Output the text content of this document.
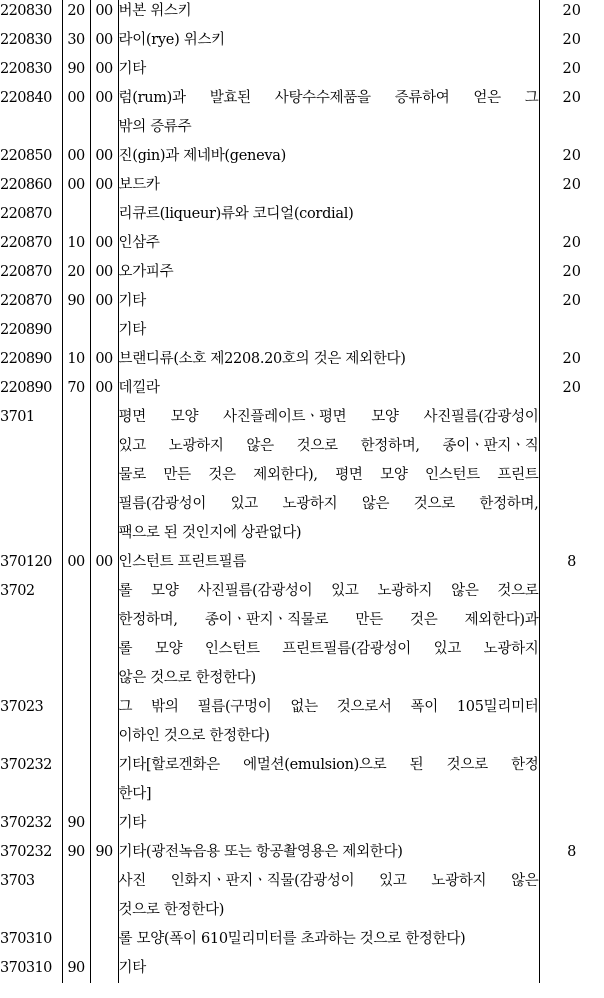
220830	20	00	버본 위스키	20
220830	30	00	라이(rye) 위스키	20
220830	90	00	기타	20
220840	00	00	럼(rum)과 발효된 사탕수수제품을 증류하여 얻은 그
밖의 증류주	20
220850	00	00	진(gin)과 제네바(geneva)	20
220860	00	00	보드카	20
220870			리큐르(liqueur)류와 코디얼(cordial)	

220870	10	00	인삼주	20
220870	20	00	오가피주	20
220870	90	00	기타	20
220890			기타	

220890	10	00	브랜디류(소호 제2208.20호의 것은 제외한다)	20
220890	70	00	데낄라	20
3701			평면 모양 사진플레이트ㆍ평면 모양 사진필름(감광성이
있고 노광하지 않은 것으로 한정하며, 종이ㆍ판지ㆍ직
물로 만든 것은 제외한다), 평면 모양 인스턴트 프린트
필름(감광성이 있고 노광하지 않은 것으로 한정하며,
팩으로 된 것인지에 상관없다)	

370120	00	00	인스턴트 프린트필름	8
3702			롤 모양 사진필름(감광성이 있고 노광하지 않은 것으로
한정하며, 종이ㆍ판지ㆍ직물로 만든 것은 제외한다)과
롤 모양 인스턴트 프린트필름(감광성이 있고 노광하지
않은 것으로 한정한다)	

37023			그 밖의 필름(구멍이 없는 것으로서 폭이 105밀리미터
이하인 것으로 한정한다)	

370232			기타[할로겐화은 에멀션(emulsion)으로 된 것으로 한정
한다]	

370232	90		기타	

370232	90	90	기타(광전녹음용 또는 항공촬영용은 제외한다)	8
3703			사진 인화지ㆍ판지ㆍ직물(감광성이 있고 노광하지 않은
것으로 한정한다)	

370310			롤 모양(폭이 610밀리미터를 초과하는 것으로 한정한다)	

370310	90		기타	
